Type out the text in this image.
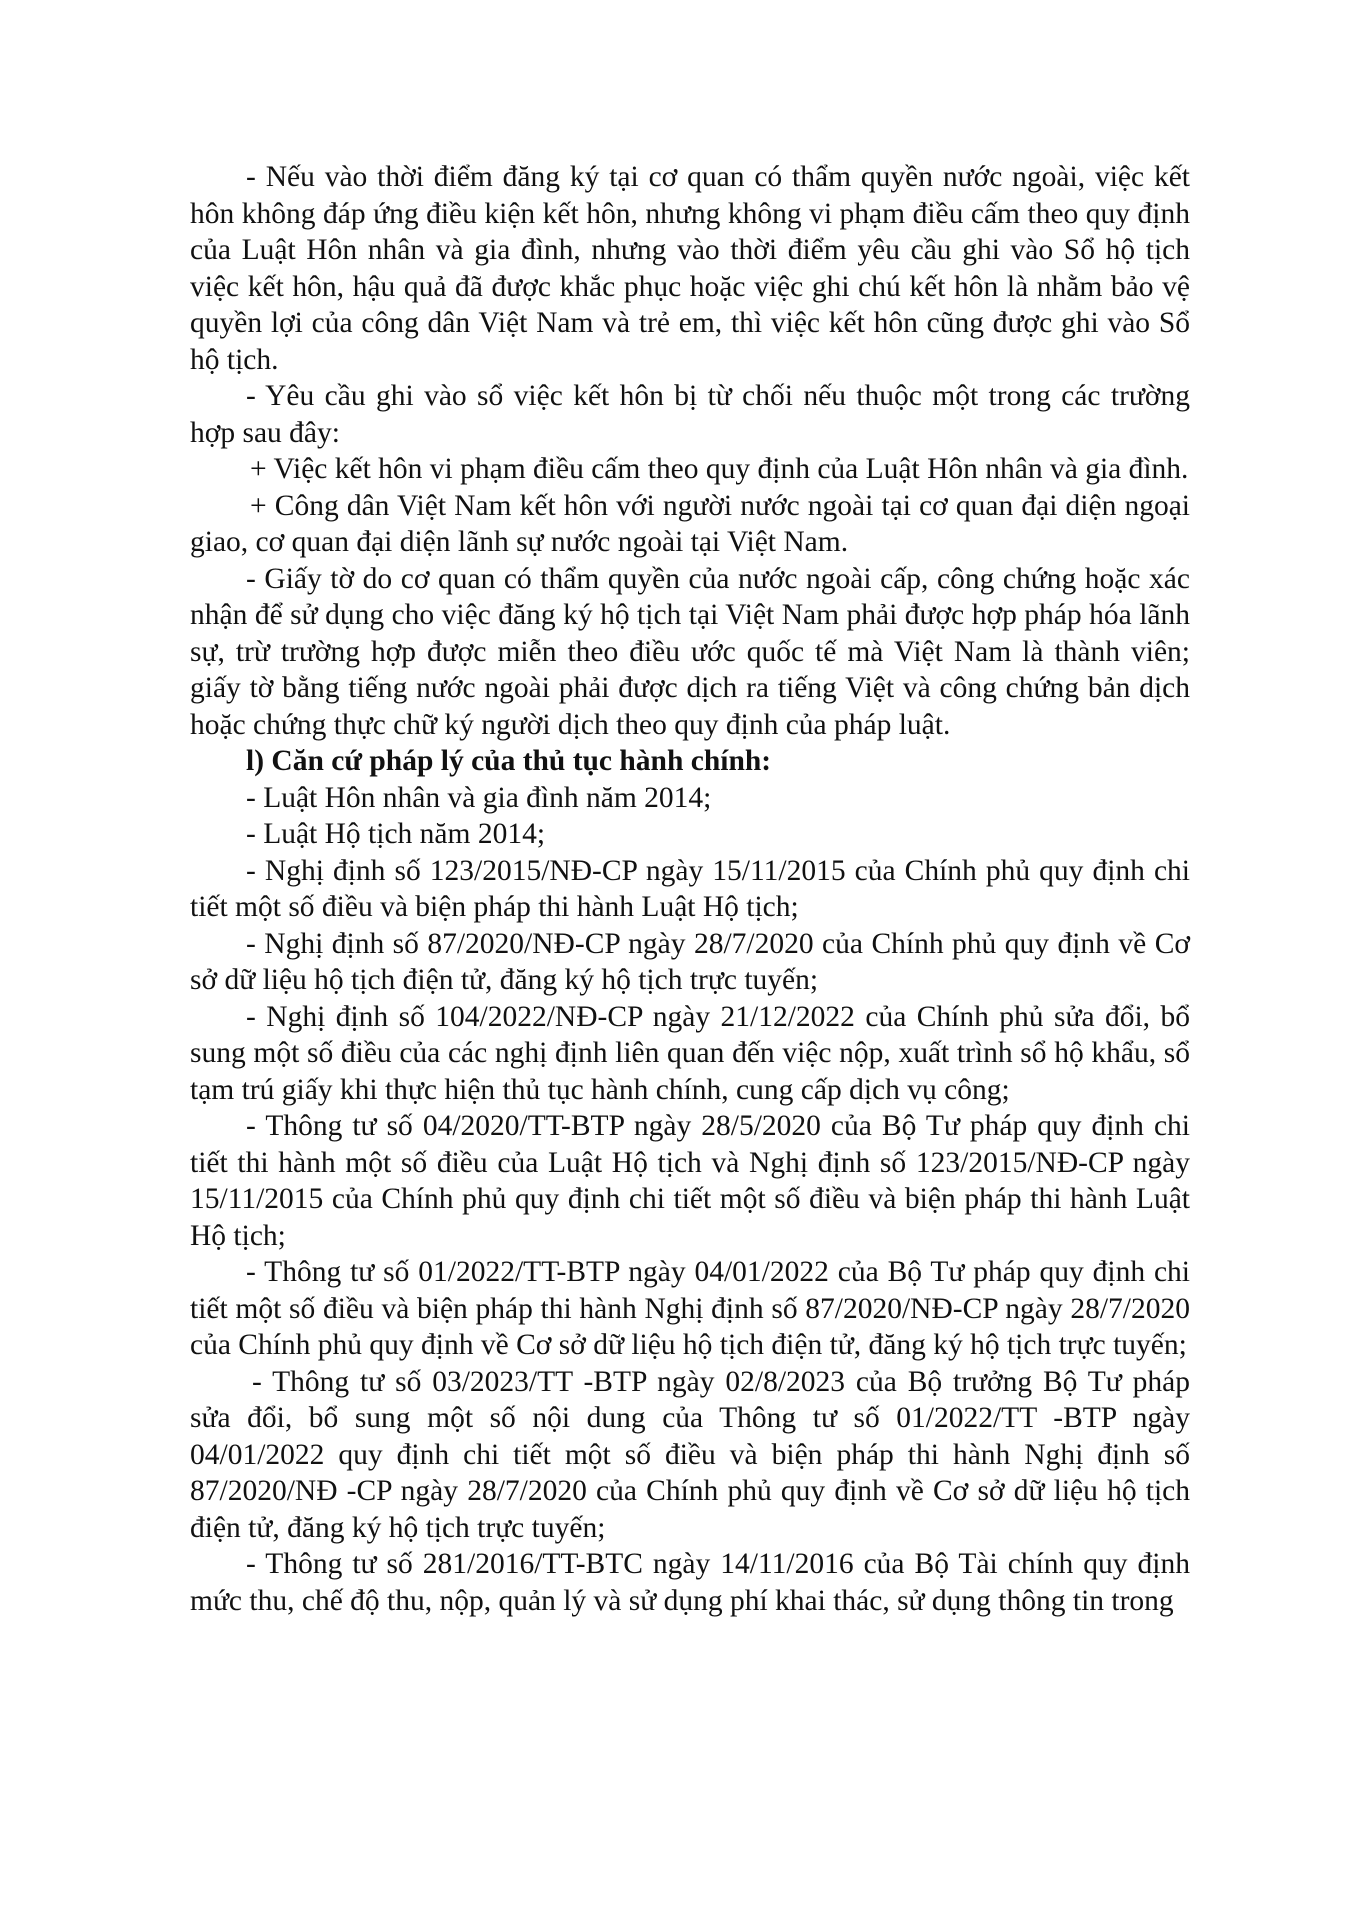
- Nếu vào thời điểm đăng ký tại cơ quan có thẩm quyền nước ngoài, việc kết hôn không đáp ứng điều kiện kết hôn, nhưng không vi phạm điều cấm theo quy định của Luật Hôn nhân và gia đình, nhưng vào thời điểm yêu cầu ghi vào Sổ hộ tịch việc kết hôn, hậu quả đã được khắc phục hoặc việc ghi chú kết hôn là nhằm bảo vệ quyền lợi của công dân Việt Nam và trẻ em, thì việc kết hôn cũng được ghi vào Sổ hộ tịch.

- Yêu cầu ghi vào sổ việc kết hôn bị từ chối nếu thuộc một trong các trường hợp sau đây:

+ Việc kết hôn vi phạm điều cấm theo quy định của Luật Hôn nhân và gia đình.

+ Công dân Việt Nam kết hôn với người nước ngoài tại cơ quan đại diện ngoại giao, cơ quan đại diện lãnh sự nước ngoài tại Việt Nam.

- Giấy tờ do cơ quan có thẩm quyền của nước ngoài cấp, công chứng hoặc xác nhận để sử dụng cho việc đăng ký hộ tịch tại Việt Nam phải được hợp pháp hóa lãnh sự, trừ trường hợp được miễn theo điều ước quốc tế mà Việt Nam là thành viên; giấy tờ bằng tiếng nước ngoài phải được dịch ra tiếng Việt và công chứng bản dịch hoặc chứng thực chữ ký người dịch theo quy định của pháp luật.

l) Căn cứ pháp lý của thủ tục hành chính:

- Luật Hôn nhân và gia đình năm 2014;

- Luật Hộ tịch năm 2014;

- Nghị định số 123/2015/NĐ-CP ngày 15/11/2015 của Chính phủ quy định chi tiết một số điều và biện pháp thi hành Luật Hộ tịch;

- Nghị định số 87/2020/NĐ-CP ngày 28/7/2020 của Chính phủ quy định về Cơ sở dữ liệu hộ tịch điện tử, đăng ký hộ tịch trực tuyến;

- Nghị định số 104/2022/NĐ-CP ngày 21/12/2022 của Chính phủ sửa đổi, bổ sung một số điều của các nghị định liên quan đến việc nộp, xuất trình sổ hộ khẩu, sổ tạm trú giấy khi thực hiện thủ tục hành chính, cung cấp dịch vụ công;

- Thông tư số 04/2020/TT-BTP ngày 28/5/2020 của Bộ Tư pháp quy định chi tiết thi hành một số điều của Luật Hộ tịch và Nghị định số 123/2015/NĐ-CP ngày 15/11/2015 của Chính phủ quy định chi tiết một số điều và biện pháp thi hành Luật Hộ tịch;

- Thông tư số 01/2022/TT-BTP ngày 04/01/2022 của Bộ Tư pháp quy định chi tiết một số điều và biện pháp thi hành Nghị định số 87/2020/NĐ-CP ngày 28/7/2020 của Chính phủ quy định về Cơ sở dữ liệu hộ tịch điện tử, đăng ký hộ tịch trực tuyến;

- Thông tư số 03/2023/TT -BTP ngày 02/8/2023 của Bộ trưởng Bộ Tư pháp sửa đổi, bổ sung một số nội dung của Thông tư số 01/2022/TT -BTP ngày 04/01/2022 quy định chi tiết một số điều và biện pháp thi hành Nghị định số 87/2020/NĐ -CP ngày 28/7/2020 của Chính phủ quy định về Cơ sở dữ liệu hộ tịch điện tử, đăng ký hộ tịch trực tuyến;

- Thông tư số 281/2016/TT-BTC ngày 14/11/2016 của Bộ Tài chính quy định mức thu, chế độ thu, nộp, quản lý và sử dụng phí khai thác, sử dụng thông tin trong
